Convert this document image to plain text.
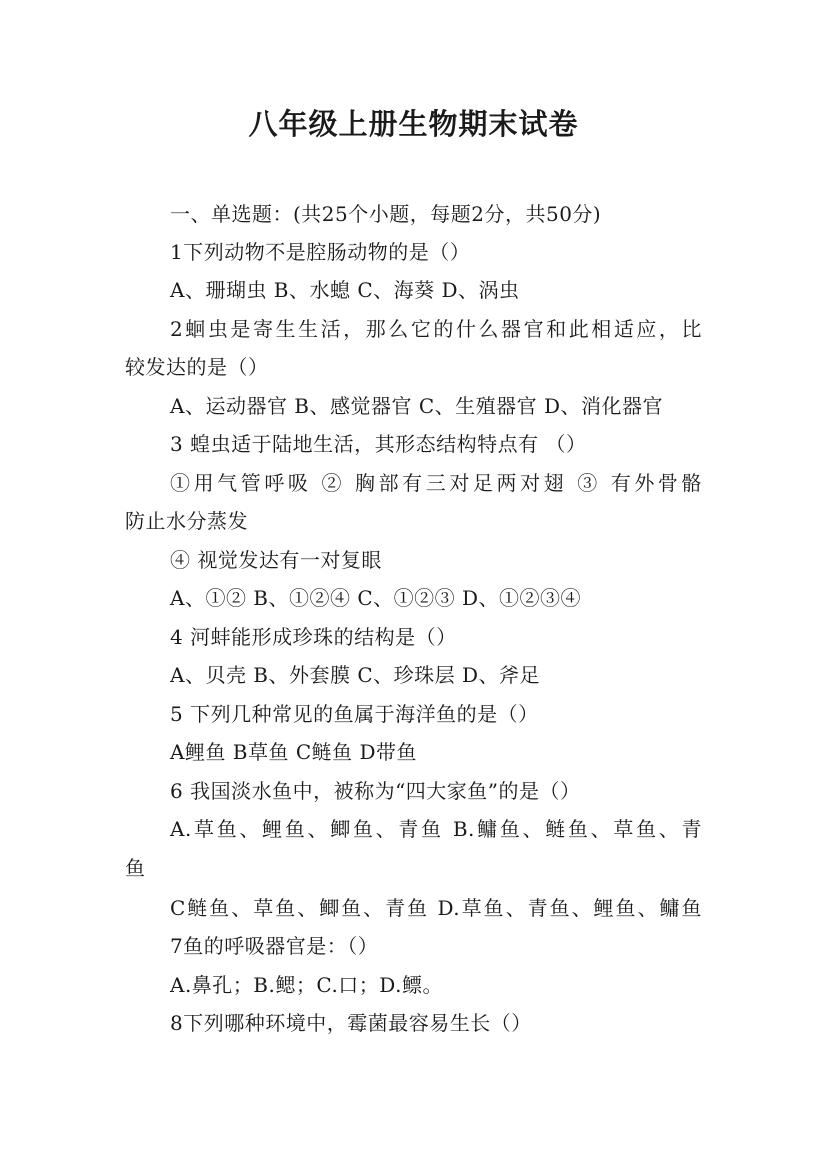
八年级上册生物期末试卷
一、单选题：(共25个小题，每题2分，共50分)
1下列动物不是腔肠动物的是（）
A、珊瑚虫 B、水螅 C、海葵 D、涡虫
2蛔虫是寄生生活，那么它的什么器官和此相适应，比
较发达的是（）
A、运动器官 B、感觉器官 C、生殖器官 D、消化器官
3 蝗虫适于陆地生活，其形态结构特点有 （）
①用气管呼吸 ② 胸部有三对足两对翅 ③ 有外骨骼
防止水分蒸发
④ 视觉发达有一对复眼
A、①② B、①②④ C、①②③ D、①②③④
4 河蚌能形成珍珠的结构是（）
A、贝壳 B、外套膜 C、珍珠层 D、斧足
5 下列几种常见的鱼属于海洋鱼的是（）
A鲤鱼 B草鱼 C鲢鱼 D带鱼
6 我国淡水鱼中，被称为“四大家鱼”的是（）
A.草鱼、鲤鱼、鲫鱼、青鱼 B.鳙鱼、鲢鱼、草鱼、青
鱼
C鲢鱼、草鱼、鲫鱼、青鱼 D.草鱼、青鱼、鲤鱼、鳙鱼
7鱼的呼吸器官是：（）
A.鼻孔；B.鳃；C.口；D.鳔。
8下列哪种环境中，霉菌最容易生长（）
